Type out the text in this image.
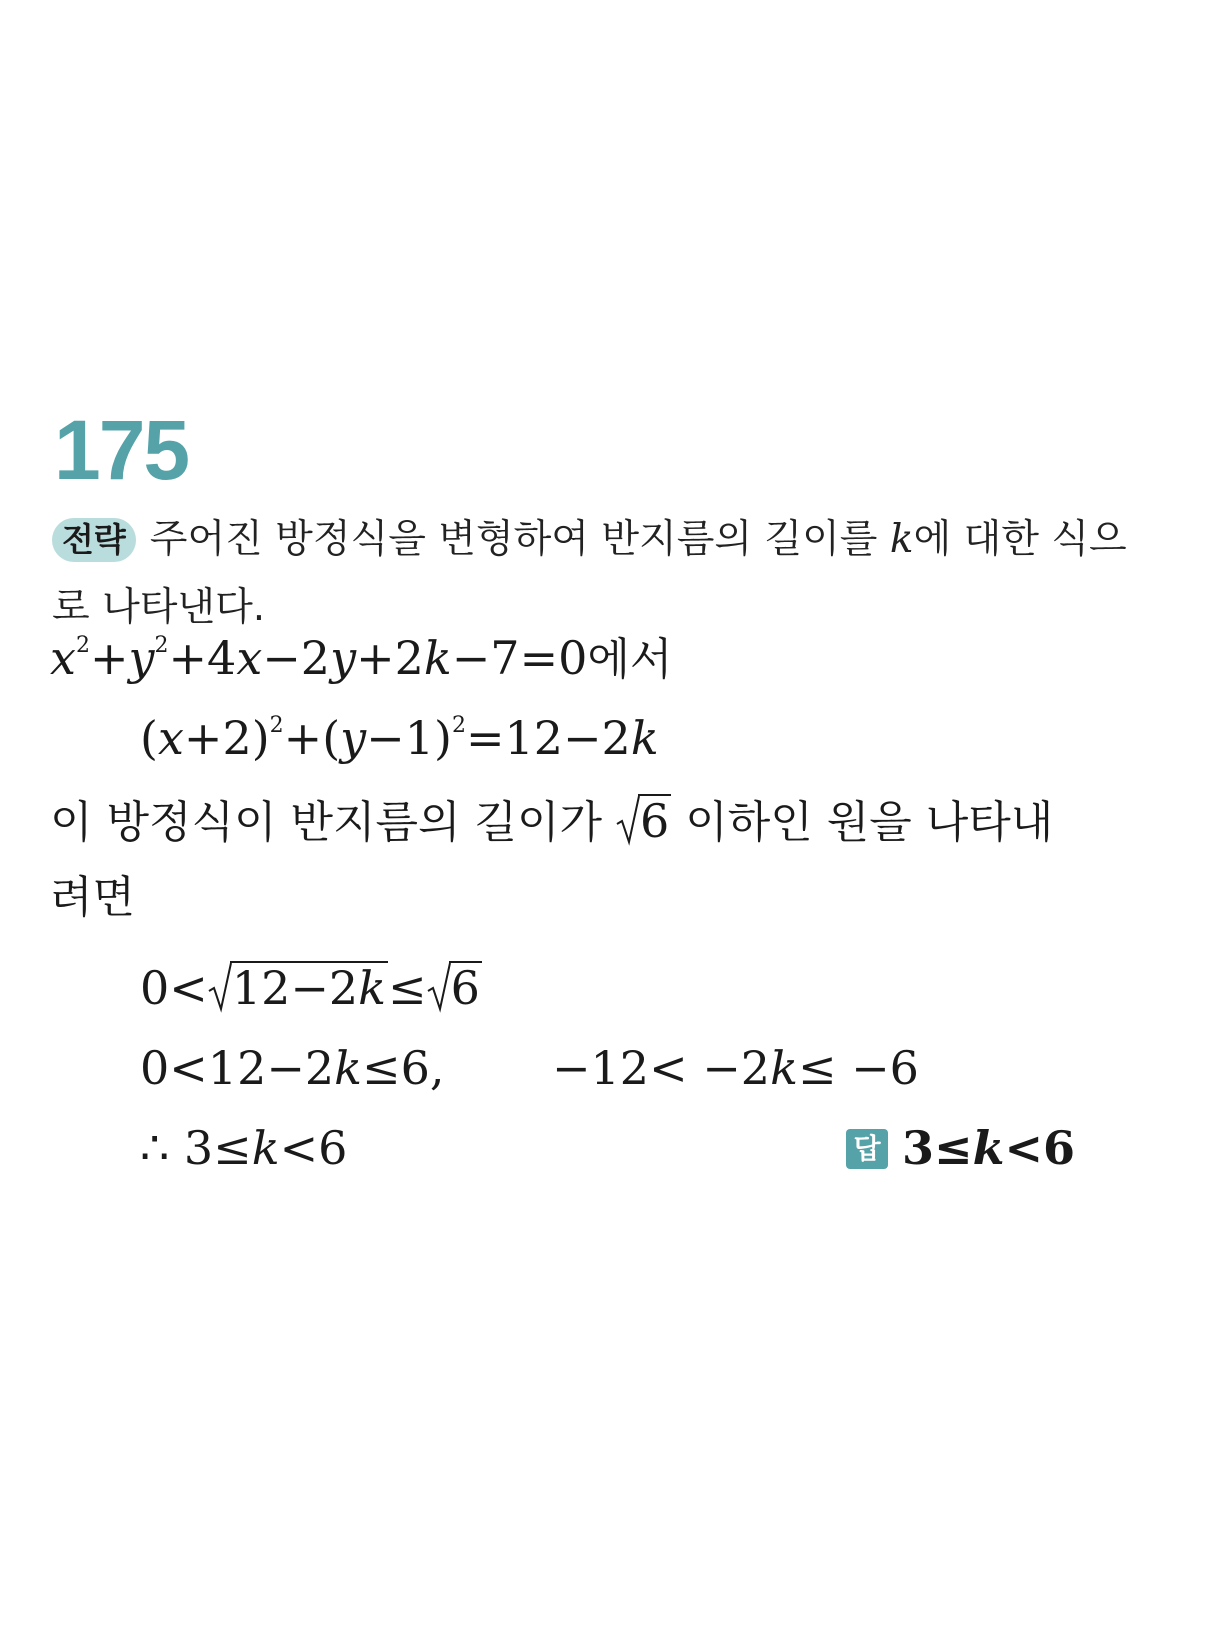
175
전략 주어진 방정식을 변형하여 반지름의 길이를 k에 대한 식으
로 나타낸다.
$x^2+y^2+4x-2y+2k-7=0$에서
$(x+2)^2+(y-1)^2=12-2k$
이 방정식이 반지름의 길이가
6 이하인 원을 나타내
려면
0< 12−2k≤ 6
0<12−2k≤6, −12< −2k≤ −6
∴ 3≤k<6	답 3≤k<6
